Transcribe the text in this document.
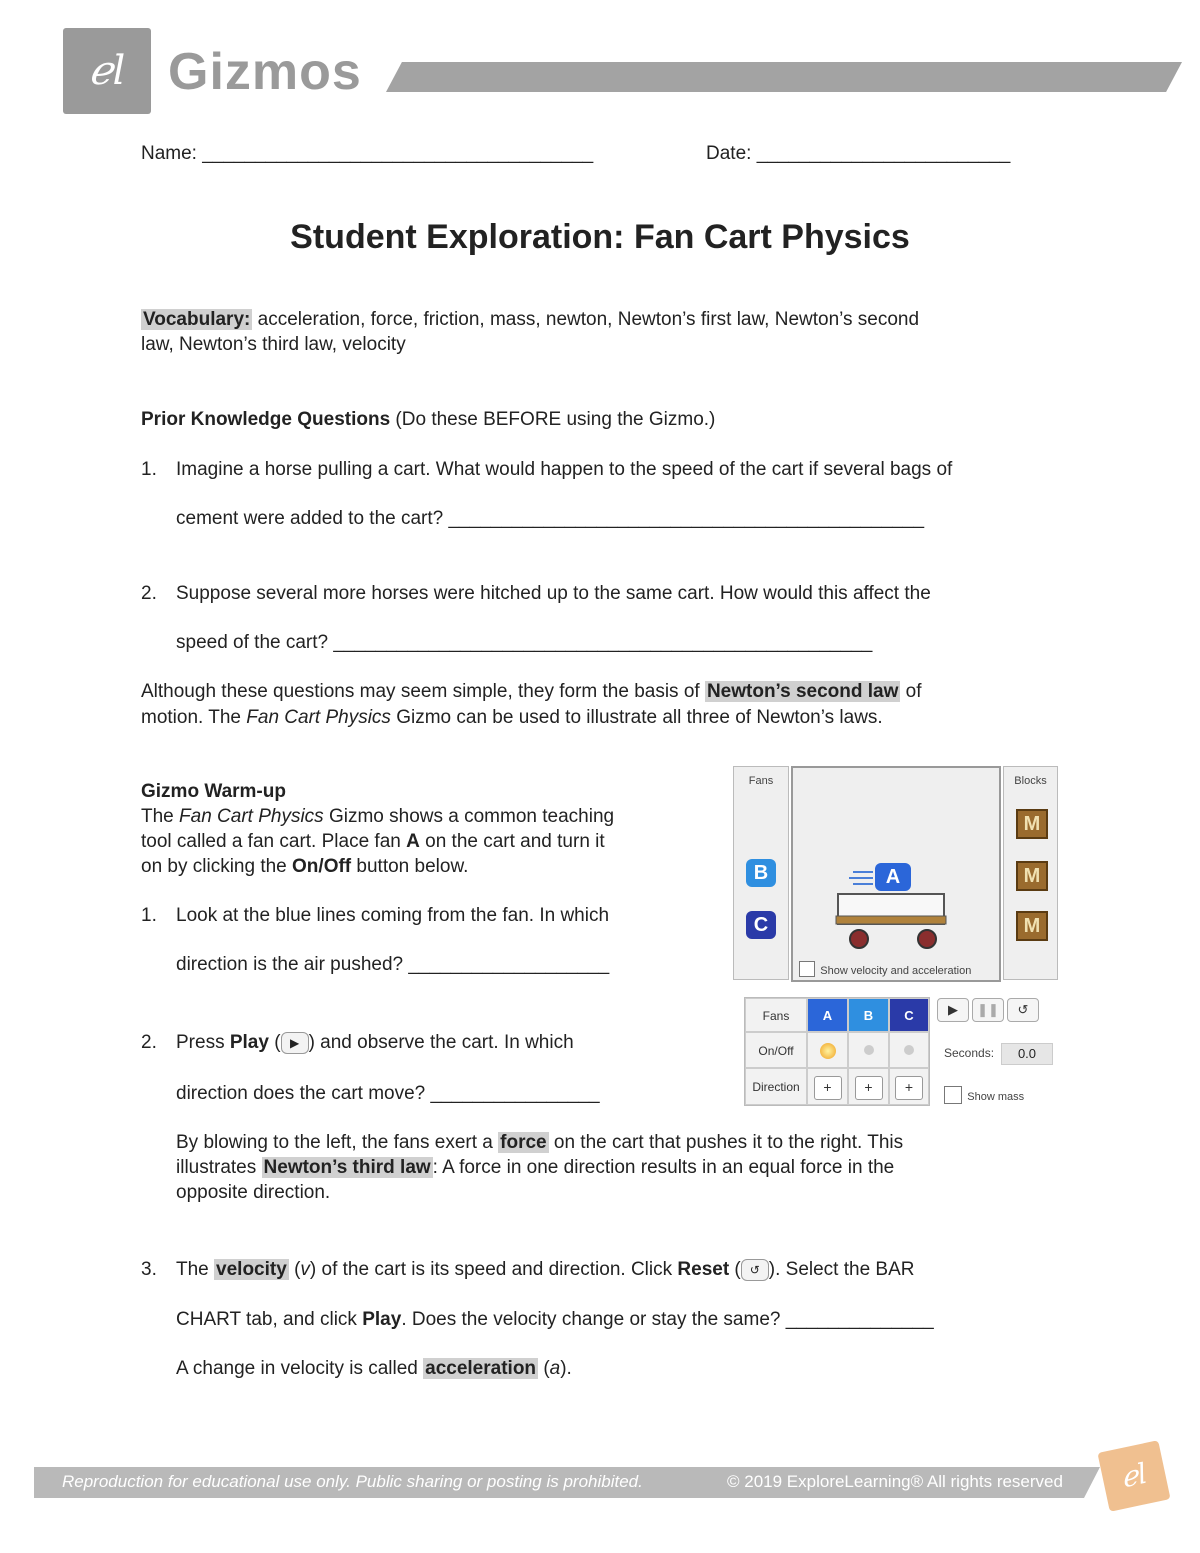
ℯl Gizmos
Name: _____________________________________	Date: ________________________
Student Exploration: Fan Cart Physics
Vocabulary: acceleration, force, friction, mass, newton, Newton’s first law, Newton’s second
law, Newton’s third law, velocity
Prior Knowledge Questions (Do these BEFORE using the Gizmo.)
1. Imagine a horse pulling a cart. What would happen to the speed of the cart if several bags of
cement were added to the cart? _____________________________________________
2. Suppose several more horses were hitched up to the same cart. How would this affect the
speed of the cart? ___________________________________________________
Although these questions may seem simple, they form the basis of Newton’s second law of
motion. The Fan Cart Physics Gizmo can be used to illustrate all three of Newton’s laws.
Gizmo Warm-up
The Fan Cart Physics Gizmo shows a common teaching
tool called a fan cart. Place fan A on the cart and turn it
on by clicking the On/Off button below.
1. Look at the blue lines coming from the fan. In which
direction is the air pushed? ___________________
2. Press Play ( ▶ ) and observe the cart. In which
direction does the cart move? ________________
By blowing to the left, the fans exert a force on the cart that pushes it to the right. This
illustrates Newton’s third law : A force in one direction results in an equal force in the
opposite direction.
3. The velocity (v) of the cart is its speed and direction. Click Reset ( ↺ ). Select the BAR
CHART tab, and click Play. Does the velocity change or stay the same? ______________
A change in velocity is called acceleration (a).
Fans
B
C
A
Show velocity and acceleration
Blocks
M
M
M
Fans	A	B	C
On/Off
Direction	+	+	+
▶	❚❚	↺
Seconds:	0.0
Show mass
Reproduction for educational use only. Public sharing or posting is prohibited.	© 2019 ExploreLearning® All rights reserved	ℯl
